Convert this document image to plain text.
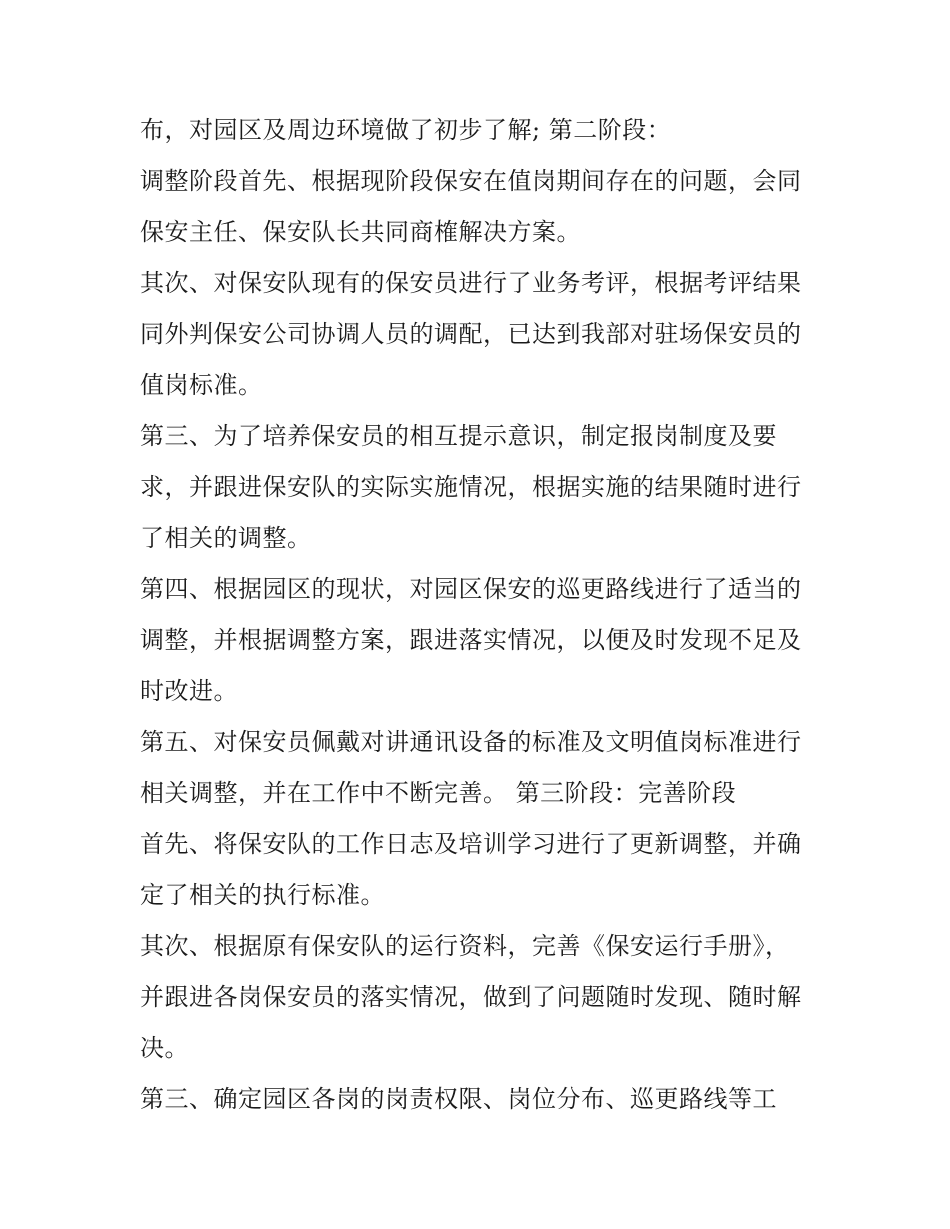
布，对园区及周边环境做了初步了解; 第二阶段：
调整阶段首先、根据现阶段保安在值岗期间存在的问题，会同
保安主任、保安队长共同商榷解决方案。
其次、对保安队现有的保安员进行了业务考评，根据考评结果
同外判保安公司协调人员的调配，已达到我部对驻场保安员的
值岗标准。
第三、为了培养保安员的相互提示意识，制定报岗制度及要
求，并跟进保安队的实际实施情况，根据实施的结果随时进行
了相关的调整。
第四、根据园区的现状，对园区保安的巡更路线进行了适当的
调整，并根据调整方案，跟进落实情况，以便及时发现不足及
时改进。
第五、对保安员佩戴对讲通讯设备的标准及文明值岗标准进行
相关调整，并在工作中不断完善。 第三阶段：完善阶段
首先、将保安队的工作日志及培训学习进行了更新调整，并确
定了相关的执行标准。
其次、根据原有保安队的运行资料，完善《保安运行手册》，
并跟进各岗保安员的落实情况，做到了问题随时发现、随时解
决。
第三、确定园区各岗的岗责权限、岗位分布、巡更路线等工
